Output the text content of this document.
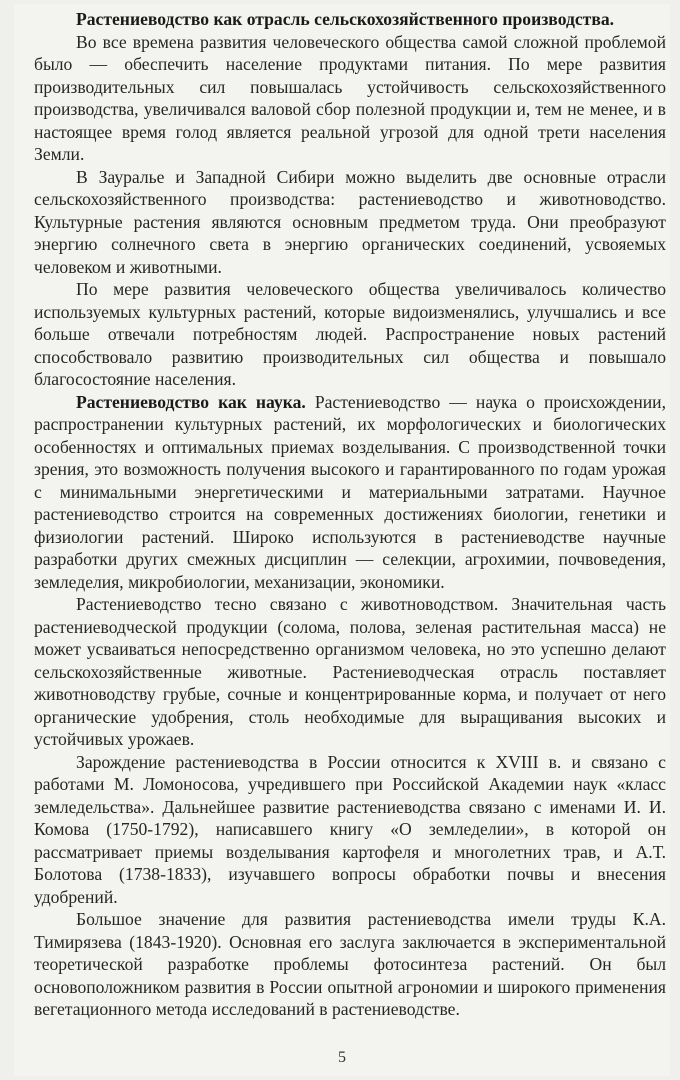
Растениеводство как отрасль сельскохозяйственного производства.

Во все времена развития человеческого общества самой сложной проблемой было — обеспечить население продуктами питания. По мере развития производительных сил повышалась устойчивость сельскохозяйственного производства, увеличивался валовой сбор полезной продукции и, тем не менее, и в настоящее время голод является реальной угрозой для одной трети населения Земли.

В Зауралье и Западной Сибири можно выделить две основные отрасли сельскохозяйственного производства: растениеводство и животноводство. Культурные растения являются основным предметом труда. Они преобразуют энергию солнечного света в энергию органических соединений, усвояемых человеком и животными.

По мере развития человеческого общества увеличивалось количество используемых культурных растений, которые видоизменялись, улучшались и все больше отвечали потребностям людей. Распространение новых растений способствовало развитию производительных сил общества и повышало благосостояние населения.

Растениеводство как наука. Растениеводство — наука о происхождении, распространении культурных растений, их морфологических и биологических особенностях и оптимальных приемах возделывания. С производственной точки зрения, это возможность получения высокого и гарантированного по годам урожая с минимальными энергетическими и материальными затратами. Научное растениеводство строится на современных достижениях биологии, генетики и физиологии растений. Широко используются в растениеводстве научные разработки других смежных дисциплин — селекции, агрохимии, почвоведения, земледелия, микробиологии, механизации, экономики.

Растениеводство тесно связано с животноводством. Значительная часть растениеводческой продукции (солома, полова, зеленая растительная масса) не может усваиваться непосредственно организмом человека, но это успешно делают сельскохозяйственные животные. Растениеводческая отрасль поставляет животноводству грубые, сочные и концентрированные корма, и получает от него органические удобрения, столь необходимые для выращивания высоких и устойчивых урожаев.

Зарождение растениеводства в России относится к XVIII в. и связано с работами М. Ломоносова, учредившего при Российской Академии наук «класс земледельства». Дальнейшее развитие растениеводства связано с именами И. И. Комова (1750-1792), написавшего книгу «О земледелии», в которой он рассматривает приемы возделывания картофеля и многолетних трав, и А.Т. Болотова (1738-1833), изучавшего вопросы обработки почвы и внесения удобрений.

Большое значение для развития растениеводства имели труды К.А. Тимирязева (1843-1920). Основная его заслуга заключается в экспериментальной теоретической разработке проблемы фотосинтеза растений. Он был основоположником развития в России опытной агрономии и широкого применения вегетационного метода исследований в растениеводстве.

5
